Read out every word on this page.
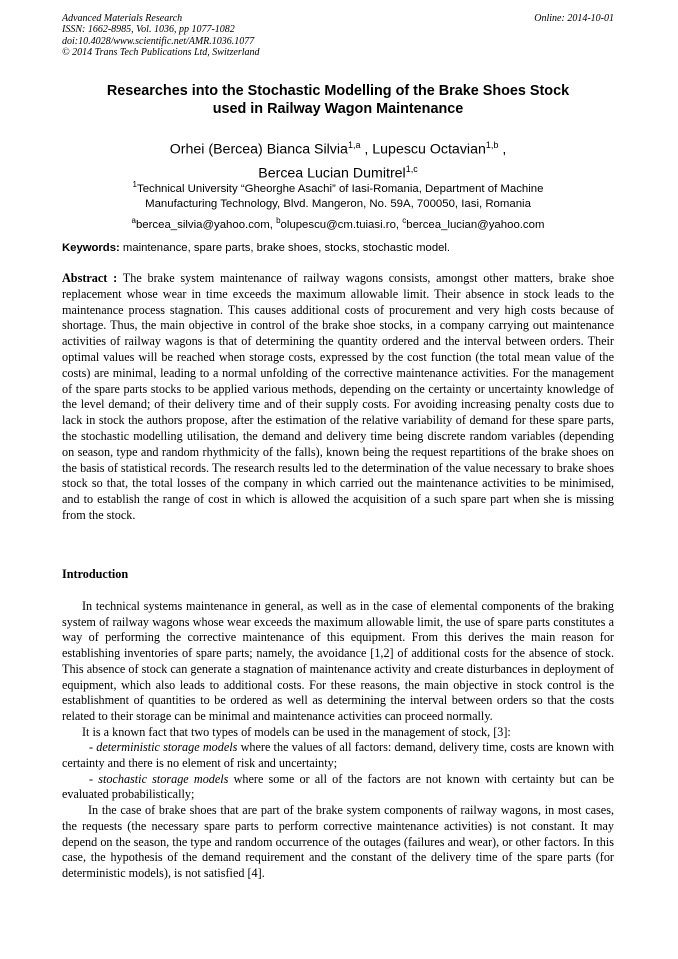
Advanced Materials Research
ISSN: 1662-8985, Vol. 1036, pp 1077-1082
doi:10.4028/www.scientific.net/AMR.1036.1077
© 2014 Trans Tech Publications Ltd, Switzerland
Online: 2014-10-01
Researches into the Stochastic Modelling of the Brake Shoes Stock
used in Railway Wagon Maintenance
Orhei (Bercea) Bianca Silvia$^{1,a}$ , Lupescu Octavian$^{1,b}$ ,
Bercea Lucian Dumitrel$^{1,c}$
$^1$Technical University “Gheorghe Asachi” of Iasi-Romania, Department of Machine
Manufacturing Technology, Blvd. Mangeron, No. 59A, 700050, Iasi, Romania
$^a$bercea_silvia@yahoo.com, $^b$olupescu@cm.tuiasi.ro, $^c$bercea_lucian@yahoo.com
Keywords: maintenance, spare parts, brake shoes, stocks, stochastic model.
Abstract : The brake system maintenance of railway wagons consists, amongst other matters, brake shoe replacement whose wear in time exceeds the maximum allowable limit. Their absence in stock leads to the maintenance process stagnation. This causes additional costs of procurement and very high costs because of shortage. Thus, the main objective in control of the brake shoe stocks, in a company carrying out maintenance activities of railway wagons is that of determining the quantity ordered and the interval between orders. Their optimal values will be reached when storage costs, expressed by the cost function (the total mean value of the costs) are minimal, leading to a normal unfolding of the corrective maintenance activities. For the management of the spare parts stocks to be applied various methods, depending on the certainty or uncertainty knowledge of the level demand; of their delivery time and of their supply costs. For avoiding increasing penalty costs due to lack in stock the authors propose, after the estimation of the relative variability of demand for these spare parts, the stochastic modelling utilisation, the demand and delivery time being discrete random variables (depending on season, type and random rhythmicity of the falls), known being the request repartitions of the brake shoes on the basis of statistical records. The research results led to the determination of the value necessary to brake shoes stock so that, the total losses of the company in which carried out the maintenance activities to be minimised, and to establish the range of cost in which is allowed the acquisition of a such spare part when she is missing from the stock.
Introduction

In technical systems maintenance in general, as well as in the case of elemental components of the braking system of railway wagons whose wear exceeds the maximum allowable limit, the use of spare parts constitutes a way of performing the corrective maintenance of this equipment. From this derives the main reason for establishing inventories of spare parts; namely, the avoidance [1,2] of additional costs for the absence of stock. This absence of stock can generate a stagnation of maintenance activity and create disturbances in deployment of equipment, which also leads to additional costs. For these reasons, the main objective in stock control is the establishment of quantities to be ordered as well as determining the interval between orders so that the costs related to their storage can be minimal and maintenance activities can proceed normally.

It is a known fact that two types of models can be used in the management of stock, [3]:

- deterministic storage models where the values of all factors: demand, delivery time, costs are known with certainty and there is no element of risk and uncertainty;

- stochastic storage models where some or all of the factors are not known with certainty but can be evaluated probabilistically;

In the case of brake shoes that are part of the brake system components of railway wagons, in most cases, the requests (the necessary spare parts to perform corrective maintenance activities) is not constant. It may depend on the season, the type and random occurrence of the outages (failures and wear), or other factors. In this case, the hypothesis of the demand requirement and the constant of the delivery time of the spare parts (for deterministic models), is not satisfied [4].
